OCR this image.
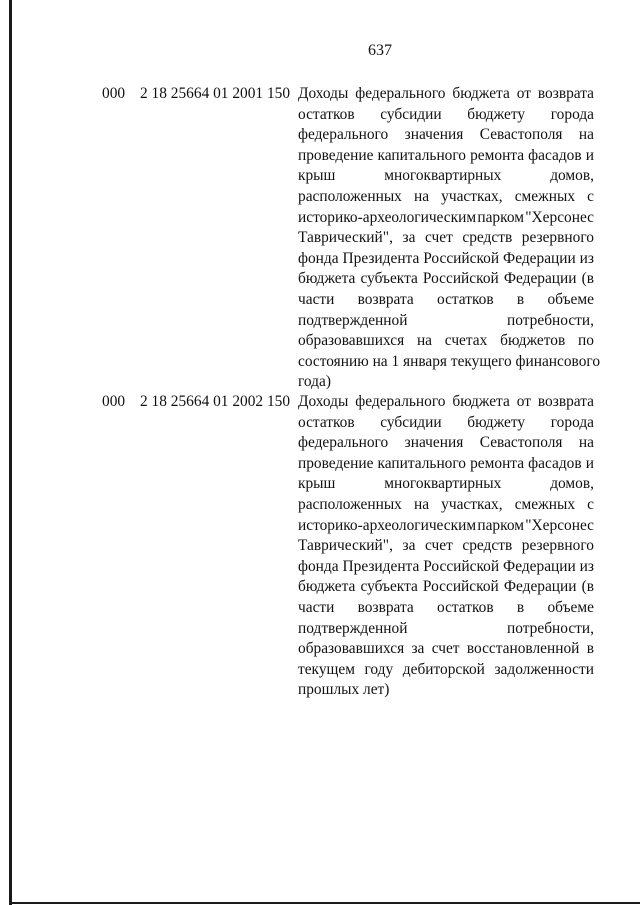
637
000 2 18 25664 01 2001 150 Доходы федерального бюджета от возврата
остатков субсидии бюджету города
федерального значения Севастополя на
проведение капитального ремонта фасадов и
крыш	многоквартирных	домов,
расположенных на участках, смежных с
историко-археологическим парком "Херсонес
Таврический", за счет средств резервного
фонда Президента Российской Федерации из
бюджета субъекта Российской Федерации (в
части возврата остатков в объеме
подтвержденной	потребности,
образовавшихся на счетах бюджетов по
состоянию на 1 января текущего финансового
года)
000 2 18 25664 01 2002 150 Доходы федерального бюджета от возврата
остатков субсидии бюджету города
федерального значения Севастополя на
проведение капитального ремонта фасадов и
крыш	многоквартирных	домов,
расположенных на участках, смежных с
историко-археологическим парком "Херсонес
Таврический", за счет средств резервного
фонда Президента Российской Федерации из
бюджета субъекта Российской Федерации (в
части возврата остатков в объеме
подтвержденной	потребности,
образовавшихся за счет восстановленной в
текущем году дебиторской задолженности
прошлых лет)
